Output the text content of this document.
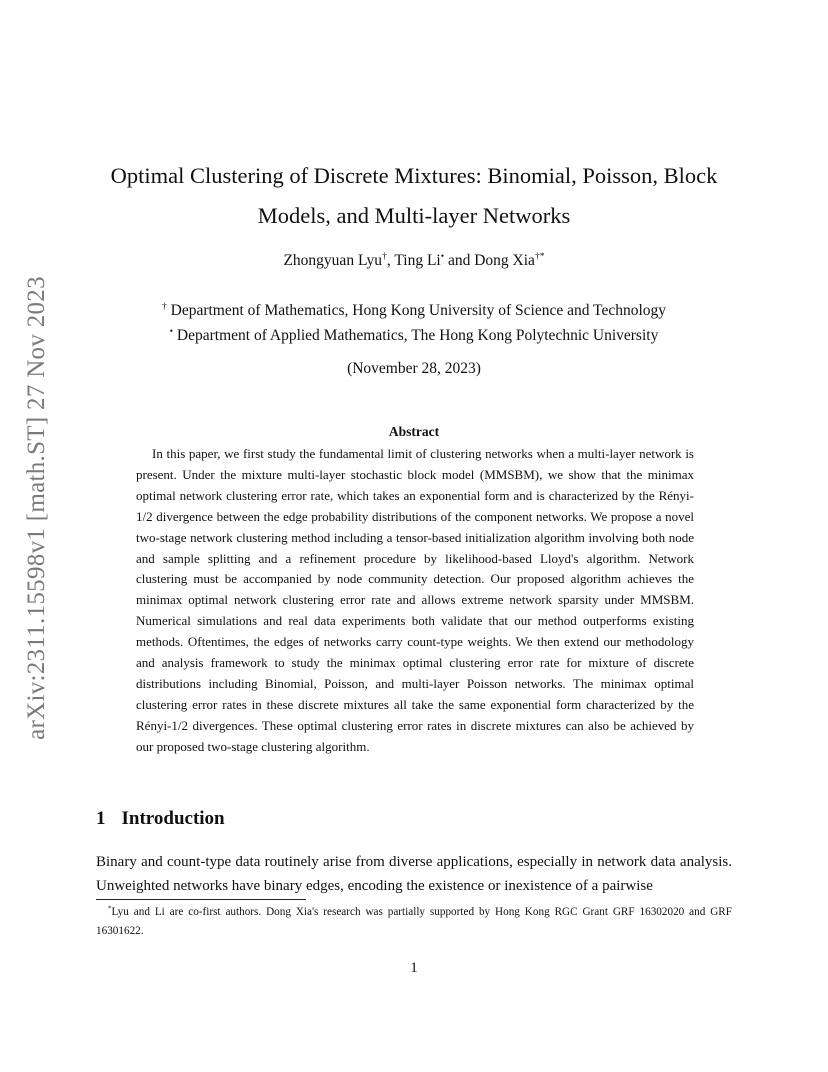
arXiv:2311.15598v1 [math.ST] 27 Nov 2023
Optimal Clustering of Discrete Mixtures: Binomial, Poisson, Block Models, and Multi-layer Networks
Zhongyuan Lyu†, Ting Li• and Dong Xia†*
† Department of Mathematics, Hong Kong University of Science and Technology
• Department of Applied Mathematics, The Hong Kong Polytechnic University
(November 28, 2023)
Abstract

In this paper, we first study the fundamental limit of clustering networks when a multi-layer network is present. Under the mixture multi-layer stochastic block model (MMSBM), we show that the minimax optimal network clustering error rate, which takes an exponential form and is characterized by the Rényi-1/2 divergence between the edge probability distributions of the component networks. We propose a novel two-stage network clustering method including a tensor-based initialization algorithm involving both node and sample splitting and a refinement procedure by likelihood-based Lloyd's algorithm. Network clustering must be accompanied by node community detection. Our proposed algorithm achieves the minimax optimal network clustering error rate and allows extreme network sparsity under MMSBM. Numerical simulations and real data experiments both validate that our method outperforms existing methods. Oftentimes, the edges of networks carry count-type weights. We then extend our methodology and analysis framework to study the minimax optimal clustering error rate for mixture of discrete distributions including Binomial, Poisson, and multi-layer Poisson networks. The minimax optimal clustering error rates in these discrete mixtures all take the same exponential form characterized by the Rényi-1/2 divergences. These optimal clustering error rates in discrete mixtures can also be achieved by our proposed two-stage clustering algorithm.

1 Introduction

Binary and count-type data routinely arise from diverse applications, especially in network data analysis. Unweighted networks have binary edges, encoding the existence or inexistence of a pairwise

*Lyu and Li are co-first authors. Dong Xia's research was partially supported by Hong Kong RGC Grant GRF 16302020 and GRF 16301622.

1
